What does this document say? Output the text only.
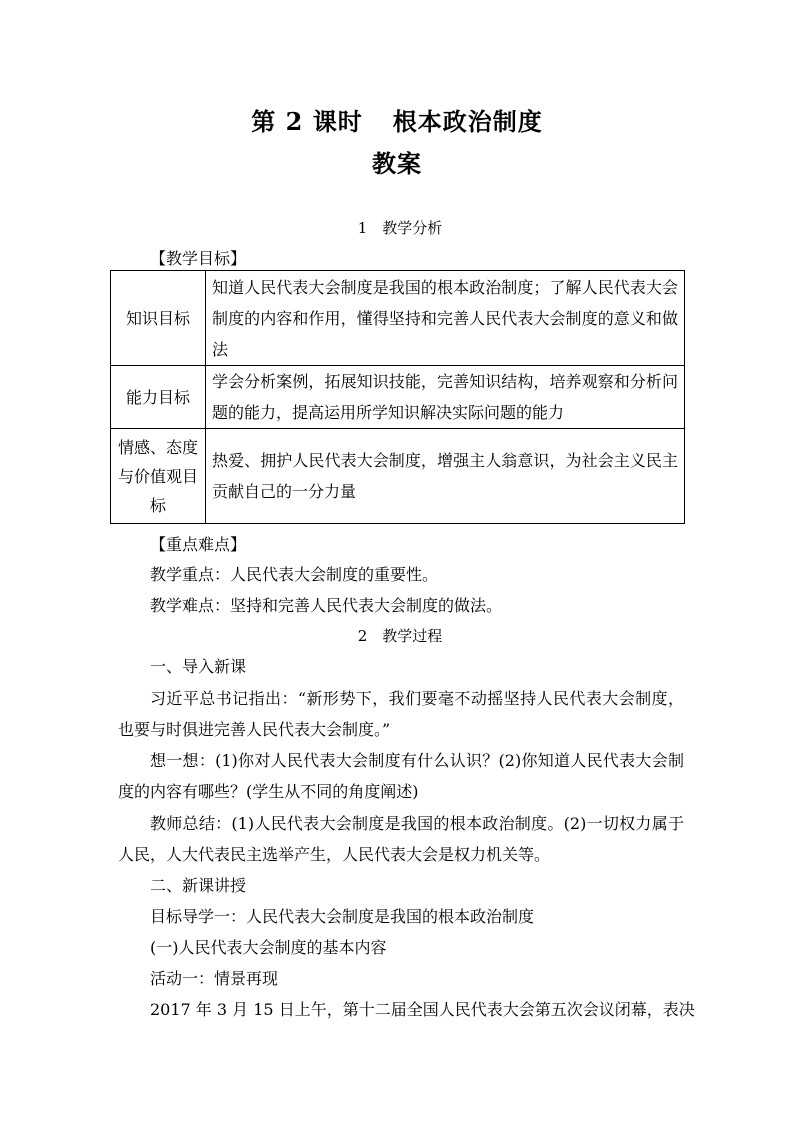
第 2 课时 根本政治制度
教案
1　教学分析
【教学目标】
知识目标	知道人民代表大会制度是我国的根本政治制度；了解人民代表大会制度的内容和作用，懂得坚持和完善人民代表大会制度的意义和做法
能力目标	学会分析案例，拓展知识技能，完善知识结构，培养观察和分析问题的能力，提高运用所学知识解决实际问题的能力

情感、态度与价值观目标	热爱、拥护人民代表大会制度，增强主人翁意识，为社会主义民主贡献自己的一分力量
【重点难点】
教学重点：人民代表大会制度的重要性。
教学难点：坚持和完善人民代表大会制度的做法。
2　教学过程
一、导入新课
习近平总书记指出：“新形势下，我们要毫不动摇坚持人民代表大会制度，也要与时俱进完善人民代表大会制度。”
想一想：(1)你对人民代表大会制度有什么认识？(2)你知道人民代表大会制度的内容有哪些？(学生从不同的角度阐述)
教师总结：(1)人民代表大会制度是我国的根本政治制度。(2)一切权力属于人民，人大代表民主选举产生，人民代表大会是权力机关等。
二、新课讲授
目标导学一：人民代表大会制度是我国的根本政治制度
(一)人民代表大会制度的基本内容
活动一：情景再现
2017 年 3 月 15 日上午，第十二届全国人民代表大会第五次会议闭幕，表决
